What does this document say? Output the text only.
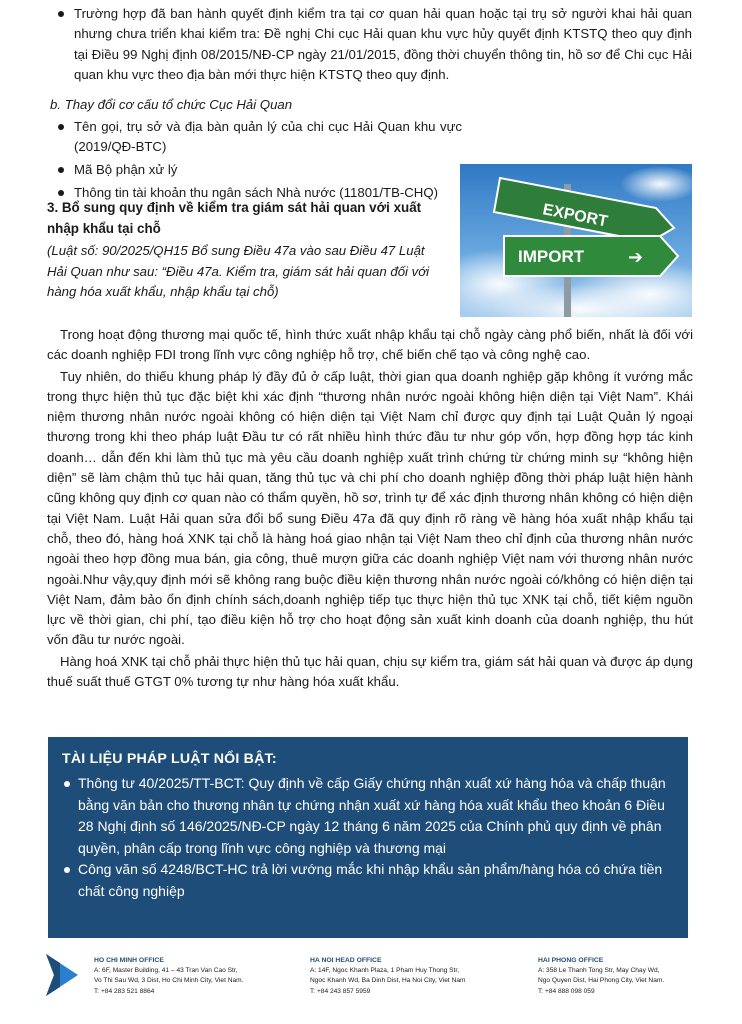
Trường hợp đã ban hành quyết định kiểm tra tại cơ quan hải quan hoặc tại trụ sở người khai hải quan nhưng chưa triển khai kiểm tra: Đề nghị Chi cục Hải quan khu vực hủy quyết định KTSTQ theo quy định tại Điều 99 Nghị định 08/2015/NĐ-CP ngày 21/01/2015, đồng thời chuyển thông tin, hồ sơ để Chi cục Hải quan khu vực theo địa bàn mới thực hiện KTSTQ theo quy định.
b. Thay đổi cơ cấu tổ chức Cục Hải Quan
Tên gọi, trụ sở và địa bàn quản lý của chi cục Hải Quan khu vực (2019/QĐ-BTC)
Mã Bộ phận xử lý
Thông tin tài khoản thu ngân sách Nhà nước (11801/TB-CHQ)
3. Bổ sung quy định về kiểm tra giám sát hải quan với xuất nhập khẩu tại chỗ
(Luật số: 90/2025/QH15 Bổ sung Điều 47a vào sau Điều 47 Luật Hải Quan như sau: “Điều 47a. Kiểm tra, giám sát hải quan đối với hàng hóa xuất khẩu, nhập khẩu tại chỗ)
EXPORT
IMPORT ➔

Trong hoạt động thương mại quốc tế, hình thức xuất nhập khẩu tại chỗ ngày càng phổ biến, nhất là đối với các doanh nghiệp FDI trong lĩnh vực công nghiệp hỗ trợ, chế biến chế tạo và công nghệ cao.

Tuy nhiên, do thiếu khung pháp lý đầy đủ ở cấp luật, thời gian qua doanh nghiệp gặp không ít vướng mắc trong thực hiện thủ tục đặc biệt khi xác định “thương nhân nước ngoài không hiện diện tại Việt Nam”. Khái niệm thương nhân nước ngoài không có hiện diện tại Việt Nam chỉ được quy định tại Luật Quản lý ngoại thương trong khi theo pháp luật Đầu tư có rất nhiều hình thức đầu tư như góp vốn, hợp đồng hợp tác kinh doanh… dẫn đến khi làm thủ tục mà yêu cầu doanh nghiệp xuất trình chứng từ chứng minh sự “không hiện diện” sẽ làm chậm thủ tục hải quan, tăng thủ tục và chi phí cho doanh nghiệp đồng thời pháp luật hiện hành cũng không quy định cơ quan nào có thẩm quyền, hồ sơ, trình tự để xác định thương nhân không có hiện diện tại Việt Nam. Luật Hải quan sửa đổi bổ sung Điều 47a đã quy định rõ ràng về hàng hóa xuất nhập khẩu tại chỗ, theo đó, hàng hoá XNK tại chỗ là hàng hoá giao nhận tại Việt Nam theo chỉ định của thương nhân nước ngoài theo hợp đồng mua bán, gia công, thuê mượn giữa các doanh nghiệp Việt nam với thương nhân nước ngoài.Như vậy,quy định mới sẽ không rang buộc điều kiện thương nhân nước ngoài có/không có hiện diện tại Việt Nam, đảm bảo ổn định chính sách,doanh nghiệp tiếp tục thực hiện thủ tục XNK tại chỗ, tiết kiệm nguồn lực về thời gian, chi phí, tạo điều kiện hỗ trợ cho hoạt động sản xuất kinh doanh của doanh nghiệp, thu hút vốn đầu tư nước ngoài.

Hàng hoá XNK tại chỗ phải thực hiện thủ tục hải quan, chịu sự kiểm tra, giám sát hải quan và được áp dụng thuế suất thuế GTGT 0% tương tự như hàng hóa xuất khẩu.

TÀI LIỆU PHÁP LUẬT NỔI BẬT:
Thông tư 40/2025/TT-BCT: Quy định về cấp Giấy chứng nhận xuất xứ hàng hóa và chấp thuận bằng văn bản cho thương nhân tự chứng nhận xuất xứ hàng hóa xuất khẩu theo khoản 6 Điều 28 Nghị định số 146/2025/NĐ-CP ngày 12 tháng 6 năm 2025 của Chính phủ quy định về phân quyền, phân cấp trong lĩnh vực công nghiệp và thương mại
Công văn số 4248/BCT-HC trả lời vướng mắc khi nhập khẩu sản phẩm/hàng hóa có chứa tiền chất công nghiệp
HO CHI MINH OFFICE
A: 6F, Master Building, 41 – 43 Tran Van Cao Str,
Vo Thi Sau Wd, 3 Dist, Ho Chi Minh City, Viet Nam.
T: +84 283 521 8864
HA NOI HEAD OFFICE
A: 14F, Ngoc Khanh Plaza, 1 Pham Huy Thong Str,
Ngoc Khanh Wd, Ba Dinh Dist, Ha Noi City, Viet Nam
T: +84 243 857 5959
HAI PHONG OFFICE
A: 358 Le Thanh Tong Str, May Chay Wd,
Ngo Quyen Dist, Hai Phong City, Viet Nam.
T: +84 888 098 059
